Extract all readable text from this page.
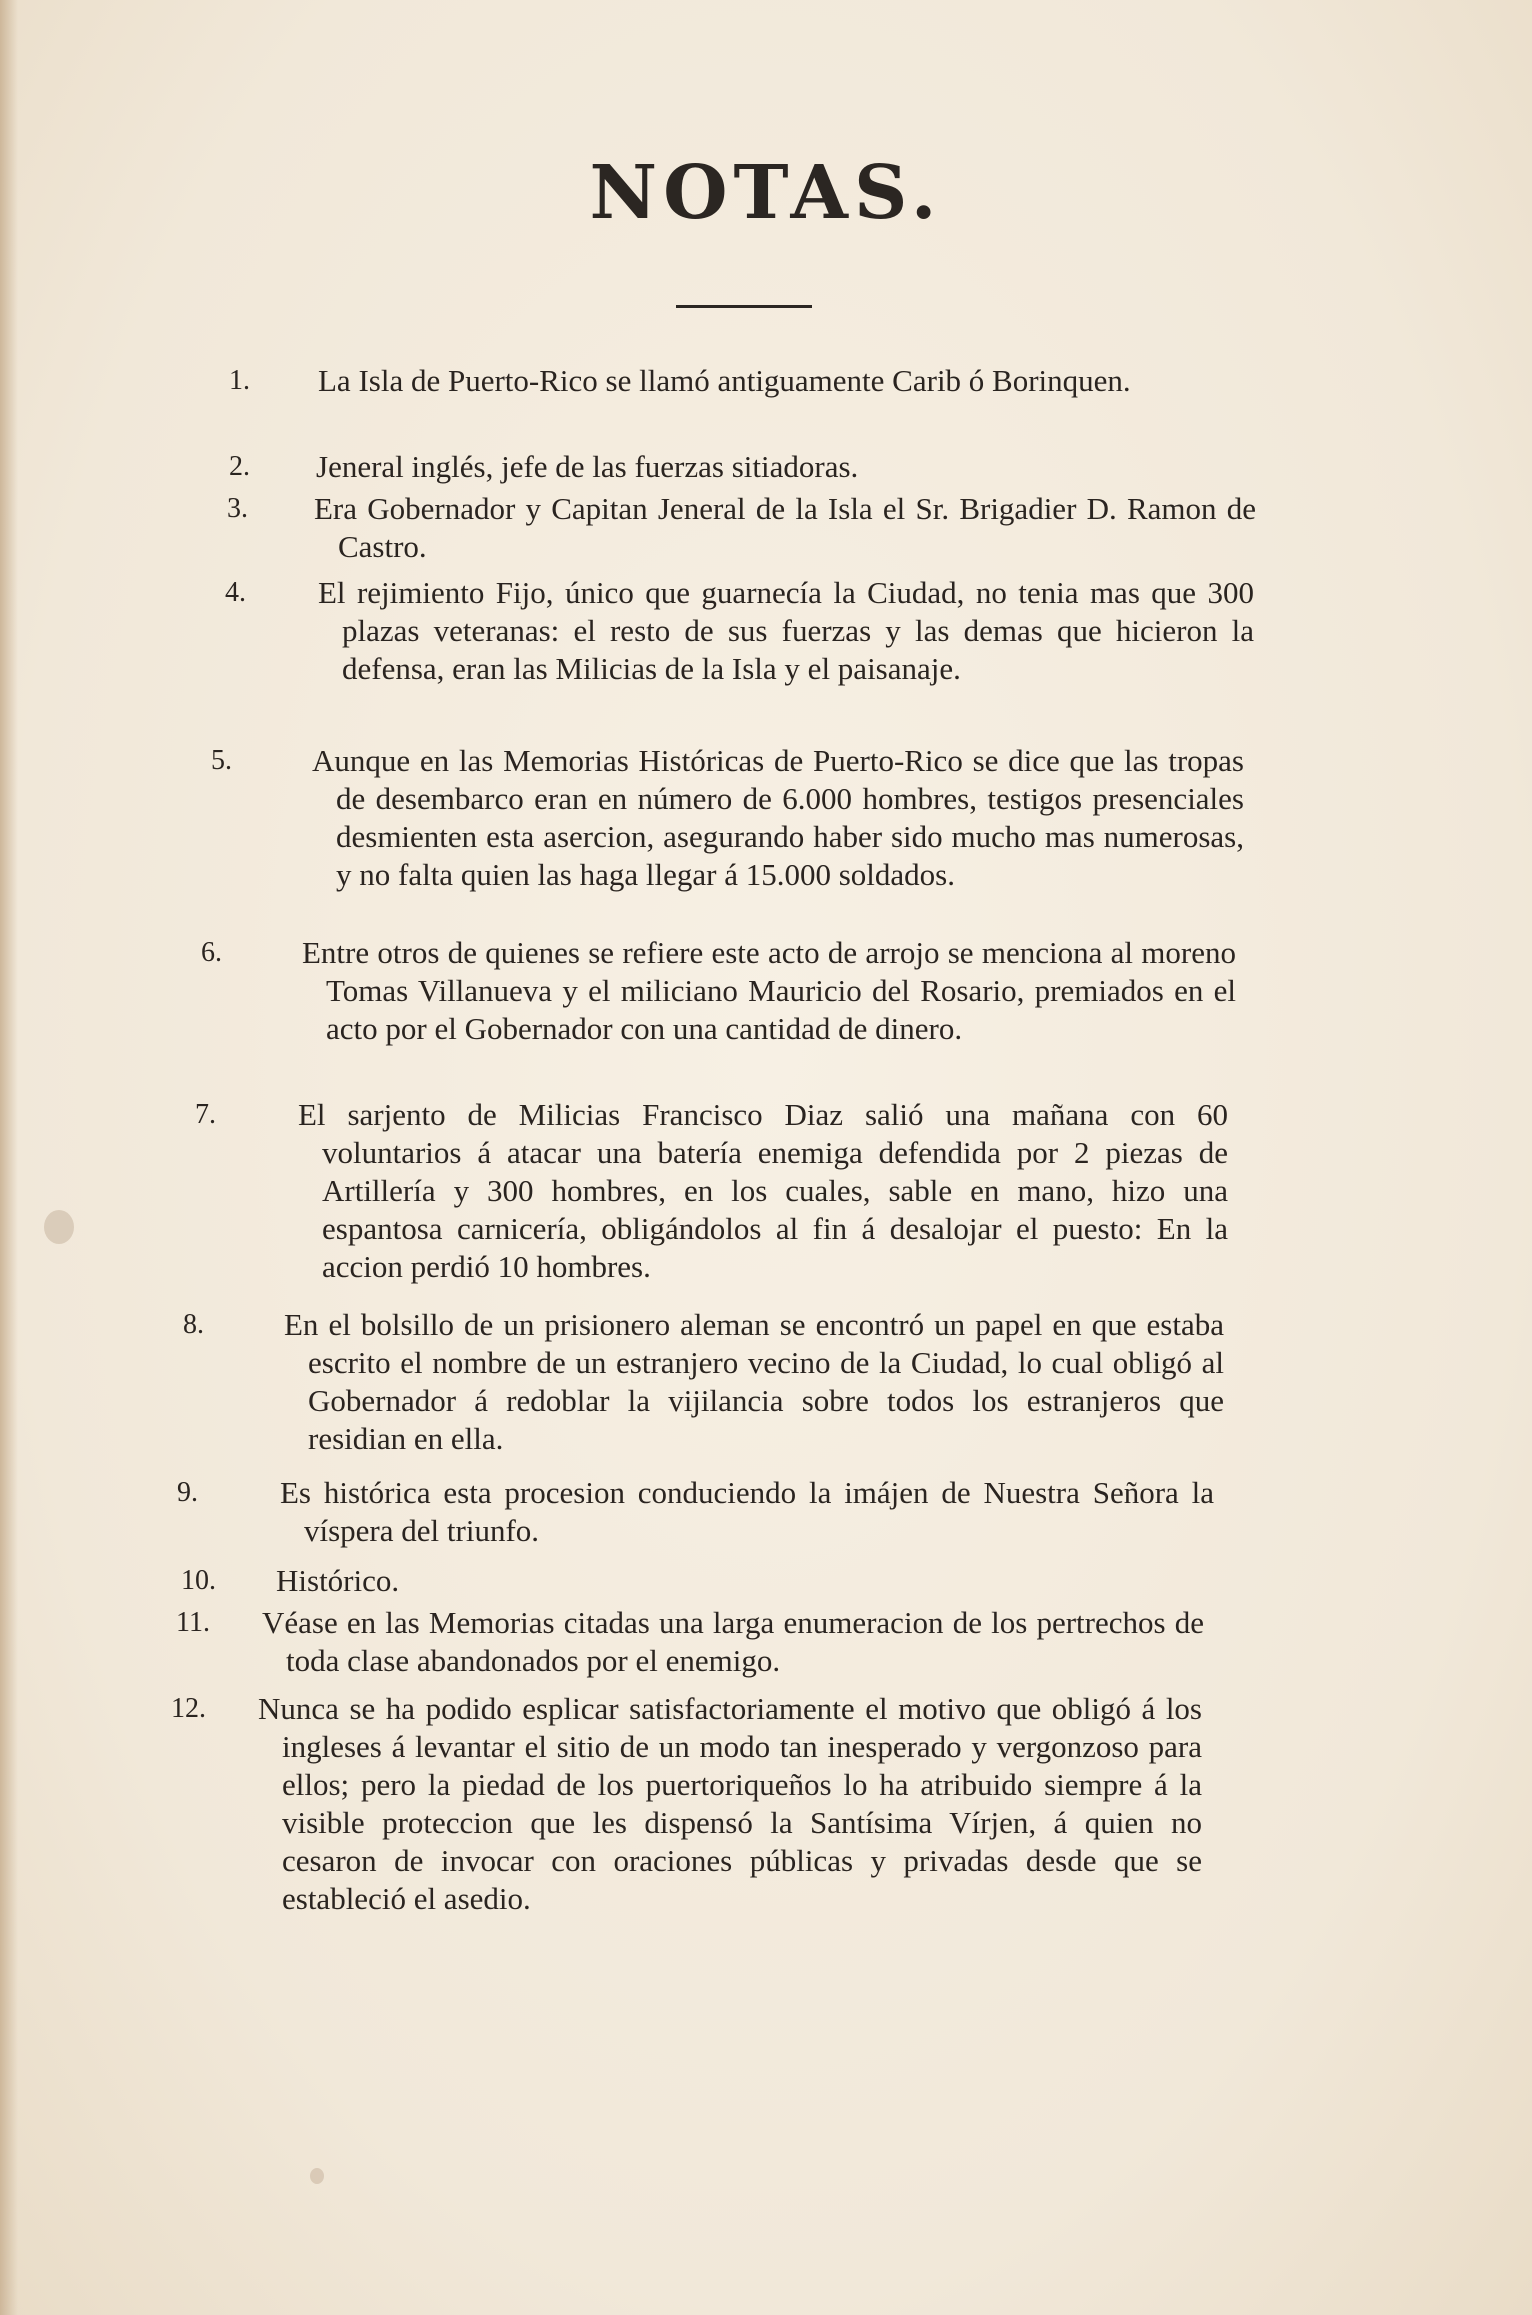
NOTAS.
1. La Isla de Puerto-Rico se llamó antiguamente Carib ó Borinquen.
2. Jeneral inglés, jefe de las fuerzas sitiadoras.
3. Era Gobernador y Capitan Jeneral de la Isla el Sr. Brigadier D. Ramon de Castro.
4. El rejimiento Fijo, único que guarnecía la Ciudad, no tenia mas que 300 plazas veteranas: el resto de sus fuerzas y las demas que hicieron la defensa, eran las Milicias de la Isla y el paisanaje.
5.	Aunque en las Memorias Históricas de Puerto-Rico se dice que las tropas de desembarco eran en número de 6.000 hombres, testigos presenciales desmienten esta asercion, asegurando haber sido mucho mas numerosas, y no falta quien las haga llegar á 15.000 soldados.
6.	Entre otros de quienes se refiere este acto de arrojo se menciona al moreno Tomas Villanueva y el miliciano Mauricio del Rosario, premiados en el acto por el Gobernador con una cantidad de dinero.
7.	El sarjento de Milicias Francisco Diaz salió una mañana con 60 voluntarios á atacar una batería enemiga defendida por 2 piezas de Artillería y 300 hombres, en los cuales, sable en mano, hizo una espantosa carnicería, obligándolos al fin á desalojar el puesto: En la accion perdió 10 hombres.
8.	En el bolsillo de un prisionero aleman se encontró un papel en que estaba escrito el nombre de un estranjero vecino de la Ciudad, lo cual obligó al Gobernador á redoblar la vijilancia sobre todos los estranjeros que residian en ella.
9.	Es histórica esta procesion conduciendo la imájen de Nuestra Señora la víspera del triunfo.
10. Histórico.
11. Véase en las Memorias citadas una larga enumeracion de los pertrechos de toda clase abandonados por el enemigo.
12. Nunca se ha podido esplicar satisfactoriamente el motivo que obligó á los ingleses á levantar el sitio de un modo tan inesperado y vergonzoso para ellos; pero la piedad de los puertoriqueños lo ha atribuido siempre á la visible proteccion que les dispensó la Santísima Vírjen, á quien no cesaron de invocar con oraciones públicas y privadas desde que se estableció el asedio.
